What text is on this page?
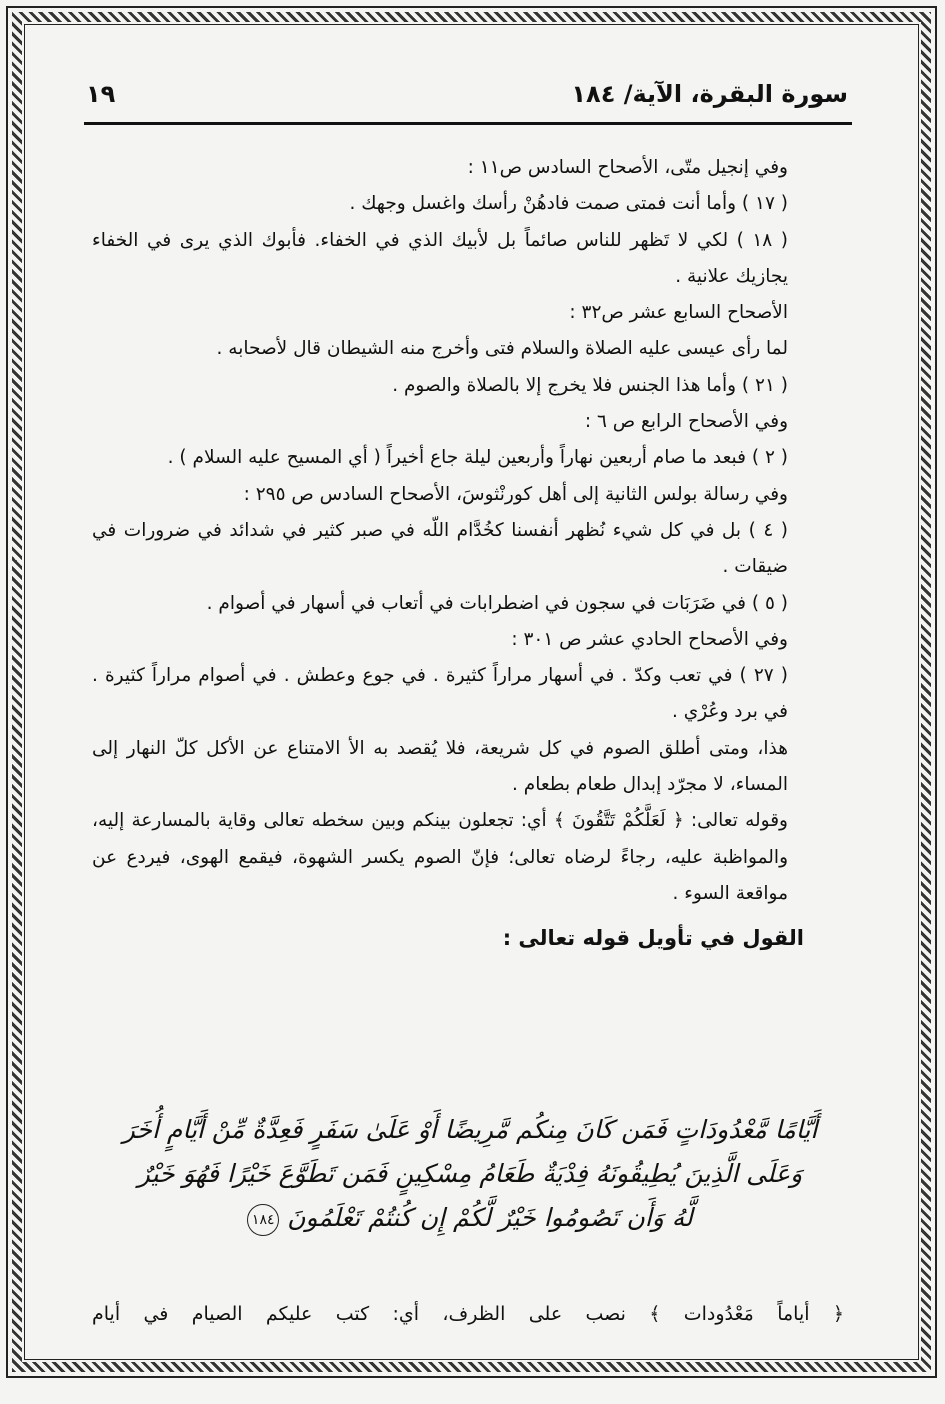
سورة البقرة، الآية/ ١٨٤
١٩

وفي إنجيل متّى، الأصحاح السادس ص١١ :

( ١٧ ) وأما أنت فمتى صمت فادهُنْ رأسك واغسل وجهك .

( ١٨ ) لكي لا تَظهر للناس صائماً بل لأبيك الذي في الخفاء. فأبوك الذي يرى في الخفاء يجازيك علانية .

الأصحاح السابع عشر ص٣٢ :

لما رأى عيسى عليه الصلاة والسلام فتى وأخرج منه الشيطان قال لأصحابه .

( ٢١ ) وأما هذا الجنس فلا يخرج إلا بالصلاة والصوم .

وفي الأصحاح الرابع ص ٦ :

( ٢ ) فبعد ما صام أربعين نهاراً وأربعين ليلة جاع أخيراً ( أي المسيح عليه السلام ) .

وفي رسالة بولس الثانية إلى أهل كورنْثوسَ، الأصحاح السادس ص ٢٩٥ :

( ٤ ) بل في كل شيء نُظهر أنفسنا كخُدَّام اللّه في صبر كثير في شدائد في ضرورات في ضيقات .

( ٥ ) في ضَرَبَات في سجون في اضطرابات في أتعاب في أسهار في أصوام .

وفي الأصحاح الحادي عشر ص ٣٠١ :

( ٢٧ ) في تعب وكدّ . في أسهار مراراً كثيرة . في جوع وعطش . في أصوام مراراً كثيرة . في برد وعُرْي .

هذا، ومتى أطلق الصوم في كل شريعة، فلا يُقصد به الأ الامتناع عن الأكل كلّ النهار إلى المساء، لا مجرّد إبدال طعام بطعام .

وقوله تعالى: ﴿ لَعَلَّكُمْ تَتَّقُونَ ﴾ أي: تجعلون بينكم وبين سخطه تعالى وقاية بالمسارعة إليه، والمواظبة عليه، رجاءً لرضاه تعالى؛ فإنّ الصوم يكسر الشهوة، فيقمع الهوى، فيردع عن مواقعة السوء .

القول في تأويل قوله تعالى :

أَيَّامًا مَّعْدُودَاتٍ فَمَن كَانَ مِنكُم مَّرِيضًا أَوْ عَلَىٰ سَفَرٍ فَعِدَّةٌ مِّنْ أَيَّامٍ أُخَرَ
وَعَلَى الَّذِينَ يُطِيقُونَهُ فِدْيَةٌ طَعَامُ مِسْكِينٍ فَمَن تَطَوَّعَ خَيْرًا فَهُوَ خَيْرٌ
لَّهُ وَأَن تَصُومُوا خَيْرٌ لَّكُمْ إِن كُنتُمْ تَعْلَمُونَ ١٨٤
﴿ أياماً مَعْدُودات ﴾ نصب على الظرف، أي: كتب عليكم الصيام في أيام
